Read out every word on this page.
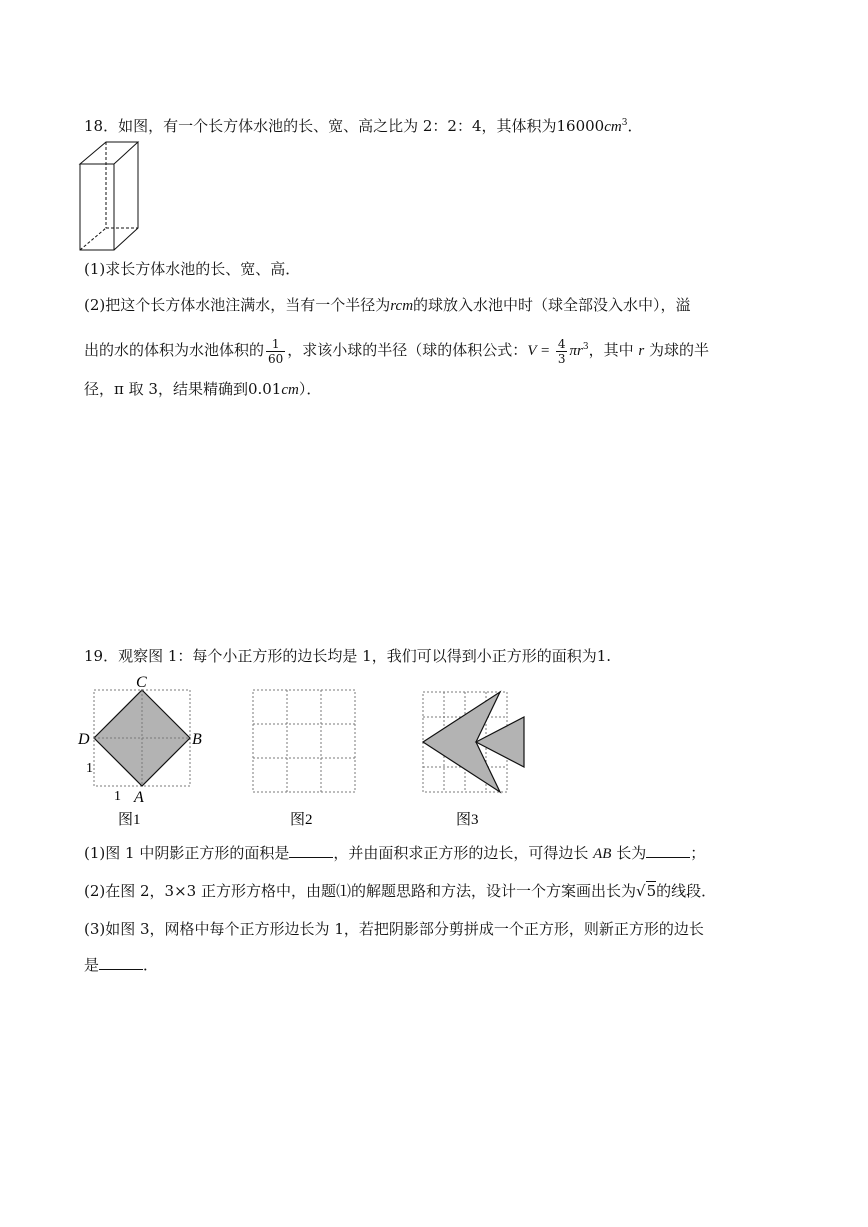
18．如图，有一个长方体水池的长、宽、高之比为 2：2：4，其体积为$16000cm^3$．
(1)求长方体水池的长、宽、高．
(2)把这个长方体水池注满水，当有一个半径为rcm的球放入水池中时（球全部没入水中），溢
出的水的体积为水池体积的 $\frac{1}{60}$ ，求该小球的半径（球的体积公式：$V = \frac{4}{3} \pi r^3$，其中 r 为球的半
径，π 取 3，结果精确到0.01cm）．
19．观察图 1：每个小正方形的边长均是 1，我们可以得到小正方形的面积为1.
C
D	B
A
1
1
图1	图2	图3
(1)图 1 中阴影正方形的面积是	，并由面积求正方形的边长，可得边长 AB 长为	；
(2)在图 2，3×3 正方形方格中，由题⑴的解题思路和方法，设计一个方案画出长为√5的线段．
(3)如图 3，网格中每个正方形边长为 1，若把阴影部分剪拼成一个正方形，则新正方形的边长
是	．
